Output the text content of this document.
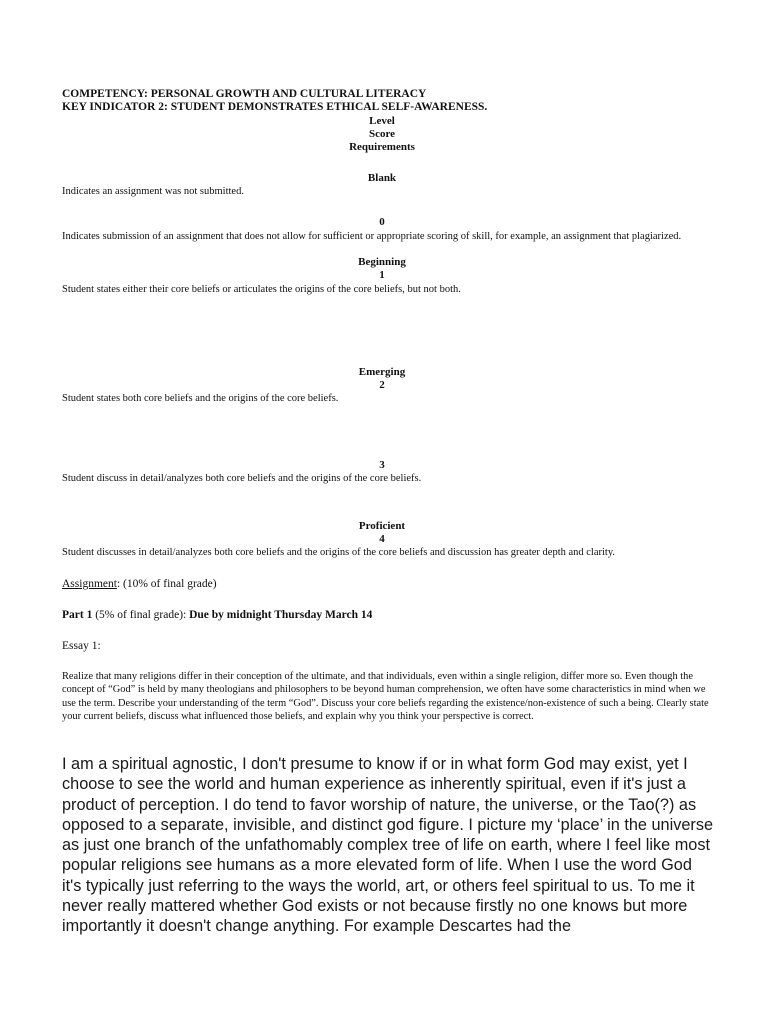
COMPETENCY: PERSONAL GROWTH AND CULTURAL LITERACY
KEY INDICATOR 2: STUDENT DEMONSTRATES ETHICAL SELF-AWARENESS.
Level
Score
Requirements
Blank
Indicates an assignment was not submitted.
0
Indicates submission of an assignment that does not allow for sufficient or appropriate scoring of skill, for example, an assignment that plagiarized.
Beginning
1
Student states either their core beliefs or articulates the origins of the core beliefs, but not both.
Emerging
2
Student states both core beliefs and the origins of the core beliefs.
3
Student discuss in detail/analyzes both core beliefs and the origins of the core beliefs.
Proficient
4
Student discusses in detail/analyzes both core beliefs and the origins of the core beliefs and discussion has greater depth and clarity.
Assignment: (10% of final grade)
Part 1 (5% of final grade): Due by midnight Thursday March 14
Essay 1:
Realize that many religions differ in their conception of the ultimate, and that individuals, even within a single religion, differ more so. Even though the concept of “God” is held by many theologians and philosophers to be beyond human comprehension, we often have some characteristics in mind when we use the term. Describe your understanding of the term “God”. Discuss your core beliefs regarding the existence/non-existence of such a being. Clearly state your current beliefs, discuss what influenced those beliefs, and explain why you think your perspective is correct.
I am a spiritual agnostic, I don't presume to know if or in what form God may exist, yet I choose to see the world and human experience as inherently spiritual, even if it's just a product of perception. I do tend to favor worship of nature, the universe, or the Tao(?) as opposed to a separate, invisible, and distinct god figure. I picture my ‘place’ in the universe as just one branch of the unfathomably complex tree of life on earth, where I feel like most popular religions see humans as a more elevated form of life. When I use the word God it's typically just referring to the ways the world, art, or others feel spiritual to us. To me it never really mattered whether God exists or not because firstly no one knows but more importantly it doesn't change anything. For example Descartes had the
